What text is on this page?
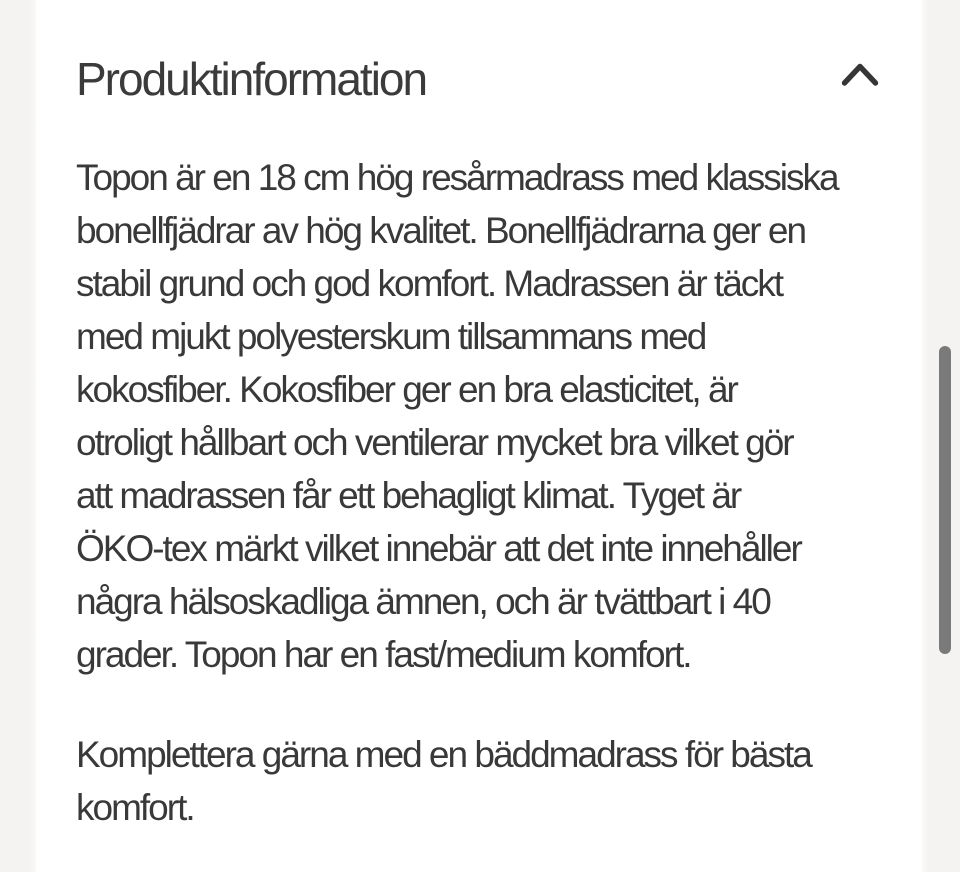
Produktinformation
Topon är en 18 cm hög resårmadrass med klassiska
bonellfjädrar av hög kvalitet. Bonellfjädrarna ger en
stabil grund och god komfort. Madrassen är täckt
med mjukt polyesterskum tillsammans med
kokosfiber. Kokosfiber ger en bra elasticitet, är
otroligt hållbart och ventilerar mycket bra vilket gör
att madrassen får ett behagligt klimat. Tyget är
ÖKO-tex märkt vilket innebär att det inte innehåller
några hälsoskadliga ämnen, och är tvättbart i 40
grader. Topon har en fast/medium komfort.
Komplettera gärna med en bäddmadrass för bästa
komfort.
